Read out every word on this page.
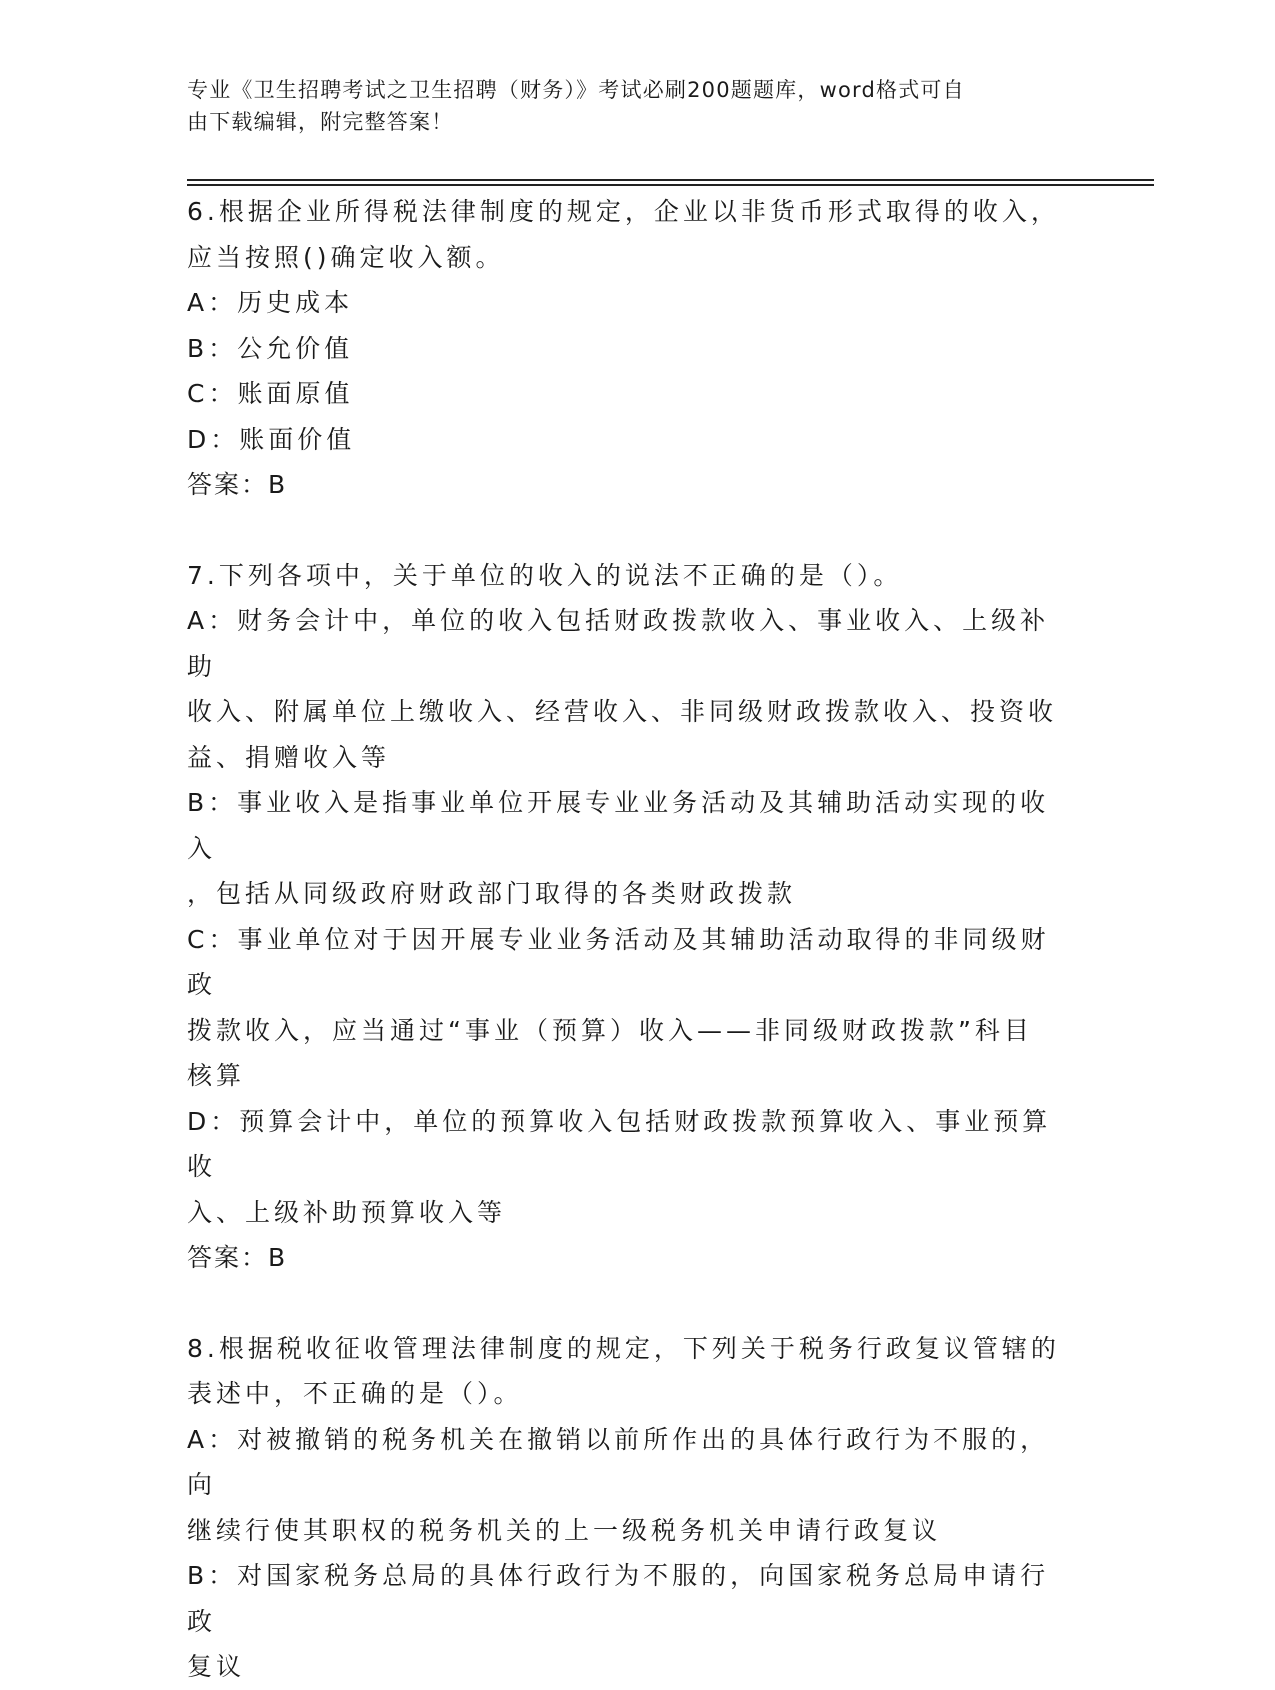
专业《卫生招聘考试之卫生招聘（财务）》考试必刷200题题库，word格式可自
由下载编辑，附完整答案！
6.根据企业所得税法律制度的规定，企业以非货币形式取得的收入，
应当按照()确定收入额。
A：历史成本
B：公允价值
C：账面原值
D：账面价值
答案：B
7.下列各项中，关于单位的收入的说法不正确的是（）。
A：财务会计中，单位的收入包括财政拨款收入、事业收入、上级补助
收入、附属单位上缴收入、经营收入、非同级财政拨款收入、投资收
益、捐赠收入等
B：事业收入是指事业单位开展专业业务活动及其辅助活动实现的收入
，包括从同级政府财政部门取得的各类财政拨款
C：事业单位对于因开展专业业务活动及其辅助活动取得的非同级财政
拨款收入，应当通过“事业（预算）收入——非同级财政拨款”科目
核算
D：预算会计中，单位的预算收入包括财政拨款预算收入、事业预算收
入、上级补助预算收入等
答案：B
8.根据税收征收管理法律制度的规定，下列关于税务行政复议管辖的
表述中，不正确的是（）。
A：对被撤销的税务机关在撤销以前所作出的具体行政行为不服的，向
继续行使其职权的税务机关的上一级税务机关申请行政复议
B：对国家税务总局的具体行政行为不服的，向国家税务总局申请行政
复议
